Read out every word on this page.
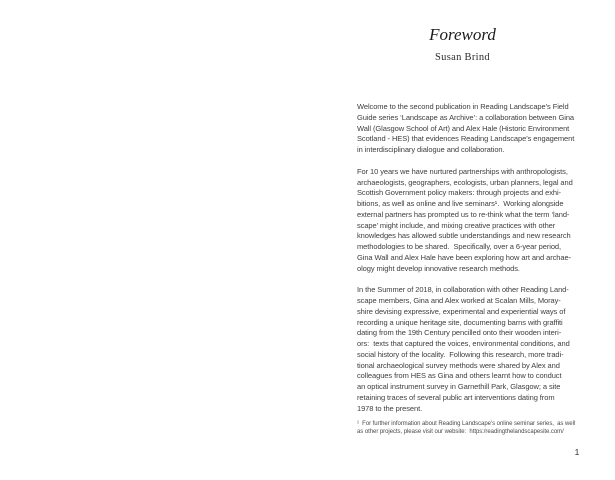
Foreword
Susan Brind
Welcome to the second publication in Reading Landscape’s Field
Guide series ‘Landscape as Archive’: a collaboration between Gina
Wall (Glasgow School of Art) and Alex Hale (Historic Environment
Scotland - HES) that evidences Reading Landscape’s engagement
in interdisciplinary dialogue and collaboration.
For 10 years we have nurtured partnerships with anthropologists,
archaeologists, geographers, ecologists, urban planners, legal and
Scottish Government policy makers: through projects and exhi-
bitions, as well as online and live seminars¹.  Working alongside
external partners has prompted us to re-think what the term ‘land-
scape’ might include, and mixing creative practices with other
knowledges has allowed subtle understandings and new research
methodologies to be shared.  Specifically, over a 6-year period,
Gina Wall and Alex Hale have been exploring how art and archae-
ology might develop innovative research methods.
In the Summer of 2018, in collaboration with other Reading Land-
scape members, Gina and Alex worked at Scalan Mills, Moray-
shire devising expressive, experimental and experiential ways of
recording a unique heritage site, documenting barns with graffiti
dating from the 19th Century pencilled onto their wooden interi-
ors:  texts that captured the voices, environmental conditions, and
social history of the locality.  Following this research, more tradi-
tional archaeological survey methods were shared by Alex and
colleagues from HES as Gina and others learnt how to conduct
an optical instrument survey in Garnethill Park, Glasgow; a site
retaining traces of several public art interventions dating from
1978 to the present.
¹  For further information about Reading Landscape’s online seminar series,  as well
as other projects, please visit our website:  https:/readingthelandscapesite.com/
1
